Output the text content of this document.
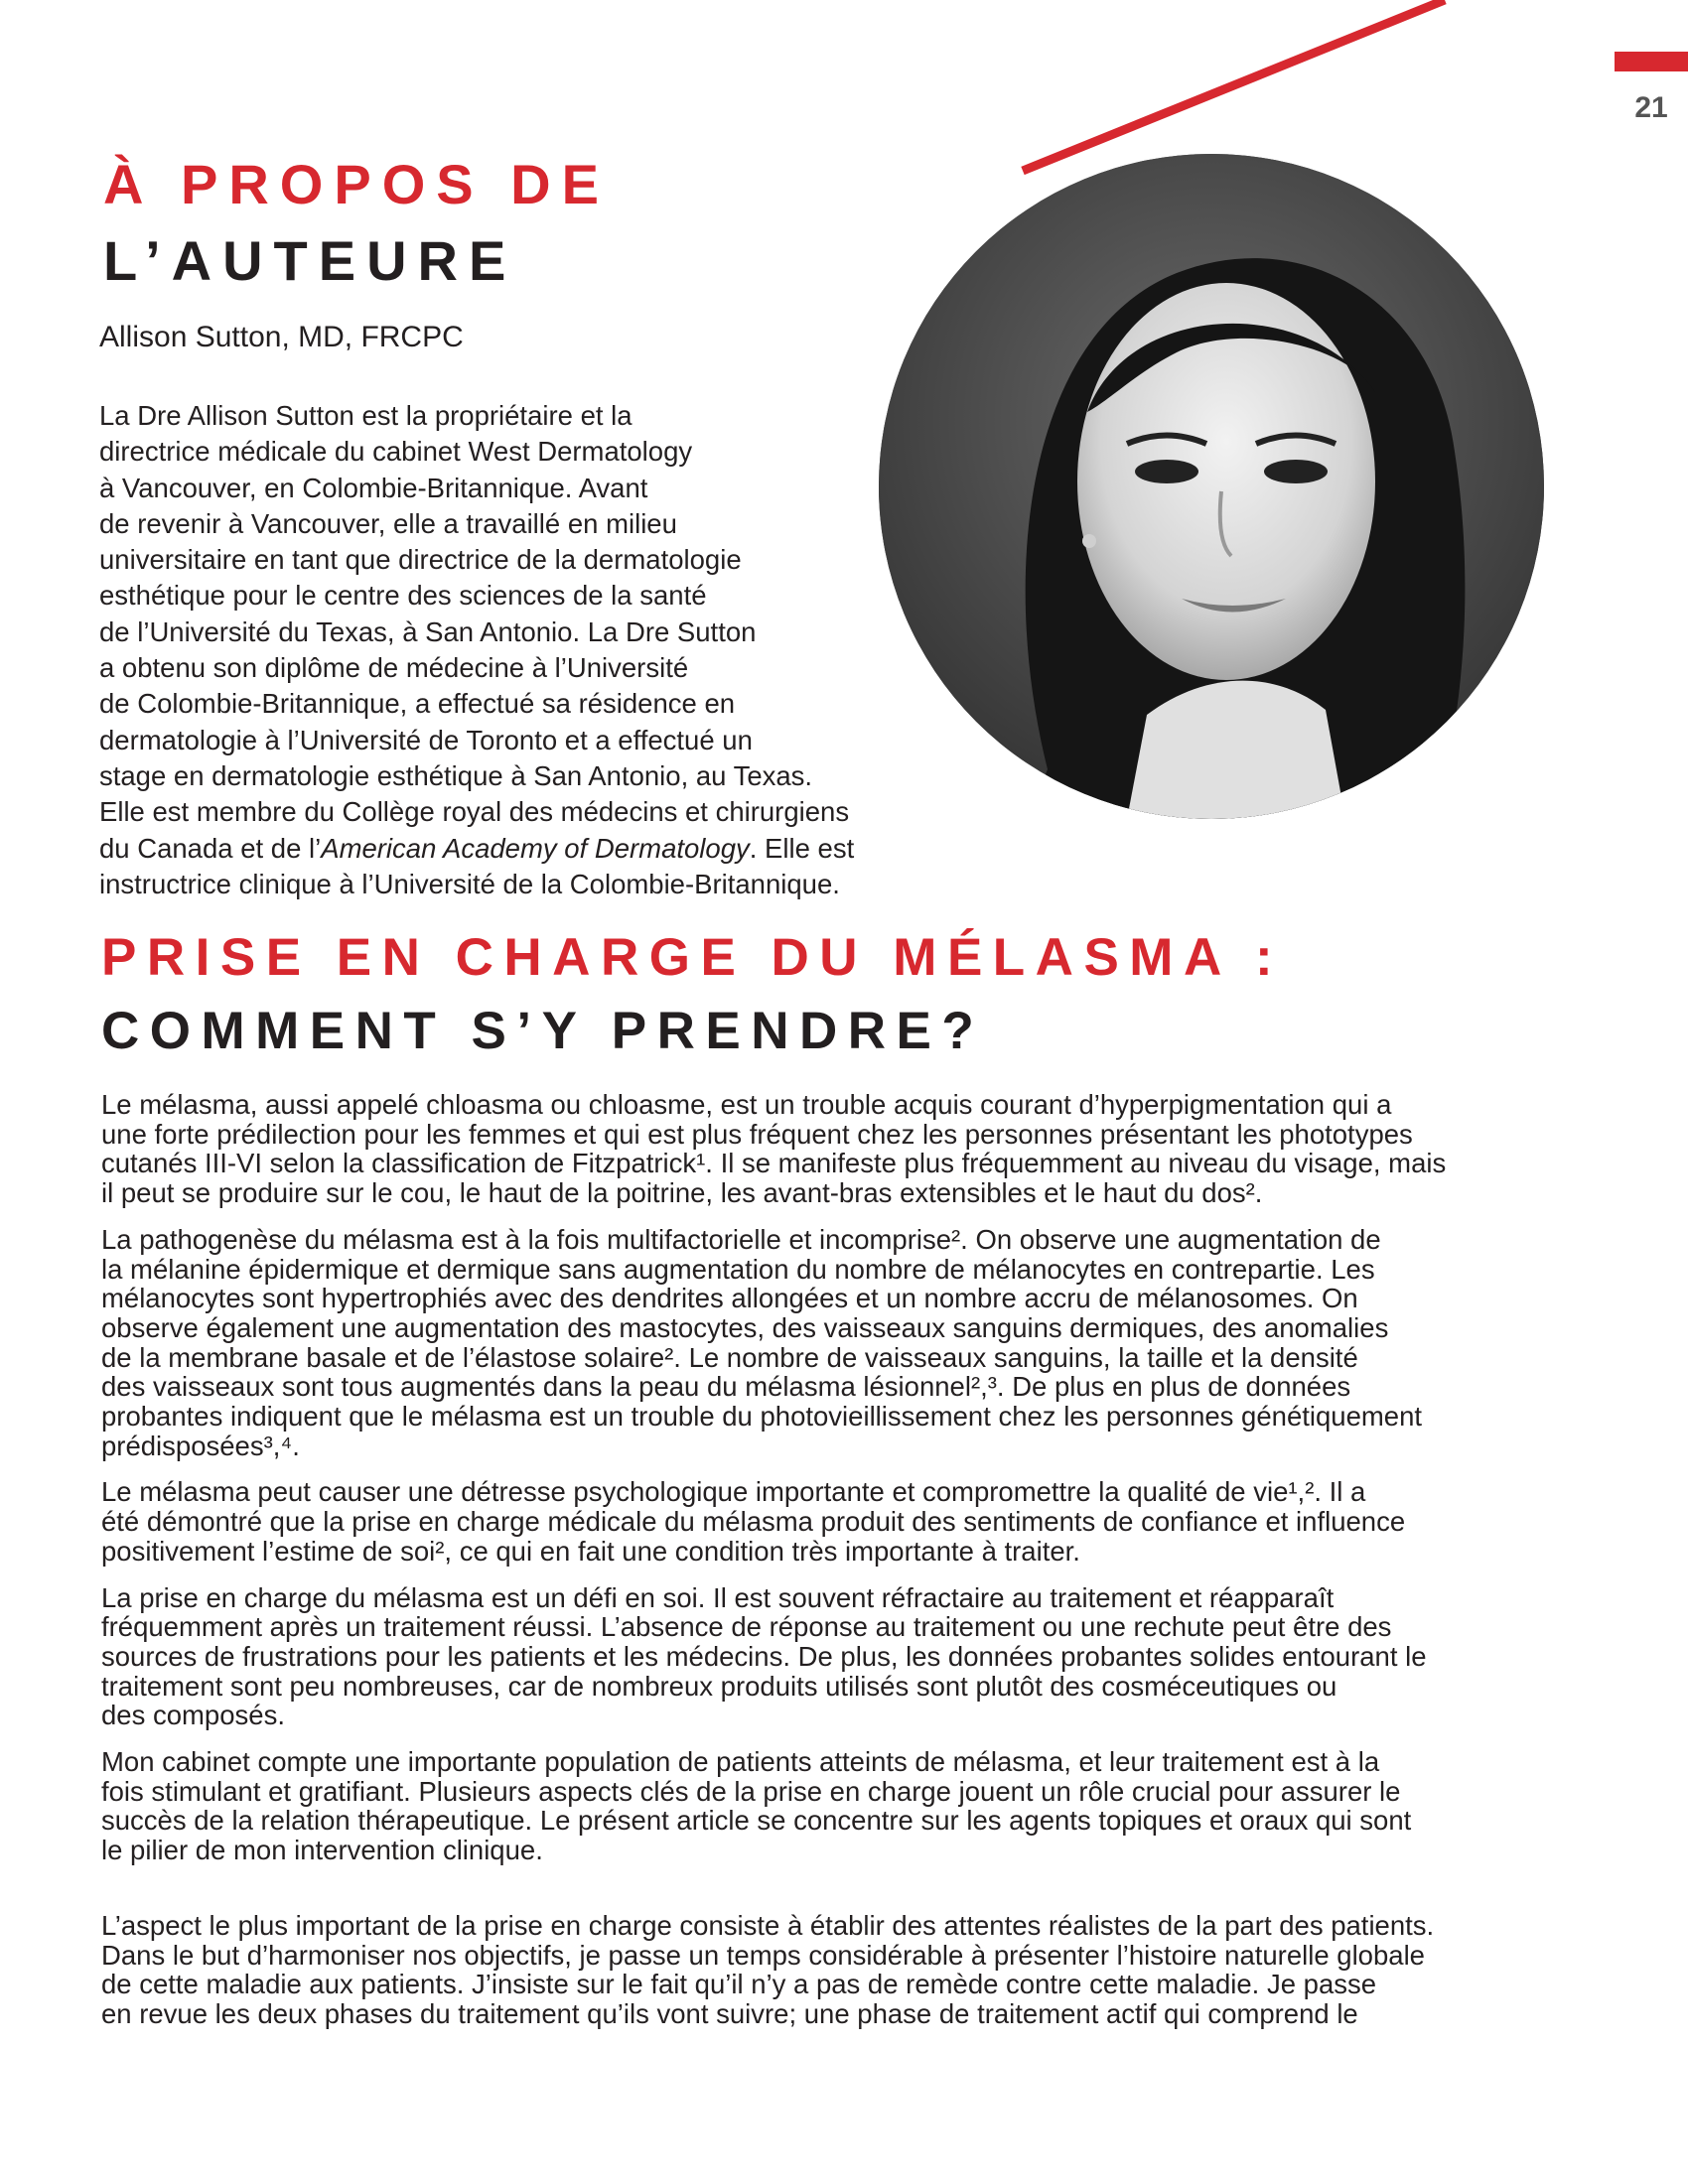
21
À PROPOS DE
L’AUTEURE
Allison Sutton, MD, FRCPC
La Dre Allison Sutton est la propriétaire et la
directrice médicale du cabinet West Dermatology
à Vancouver, en Colombie-Britannique. Avant
de revenir à Vancouver, elle a travaillé en milieu
universitaire en tant que directrice de la dermatologie
esthétique pour le centre des sciences de la santé
de l’Université du Texas, à San Antonio. La Dre Sutton
a obtenu son diplôme de médecine à l’Université
de Colombie-Britannique, a effectué sa résidence en
dermatologie à l’Université de Toronto et a effectué un
stage en dermatologie esthétique à San Antonio, au Texas.
Elle est membre du Collège royal des médecins et chirurgiens
du Canada et de l’American Academy of Dermatology. Elle est
instructrice clinique à l’Université de la Colombie-Britannique.
PRISE EN CHARGE DU MÉLASMA :
COMMENT S’Y PRENDRE?

Le mélasma, aussi appelé chloasma ou chloasme, est un trouble acquis courant d’hyperpigmentation qui a
une forte prédilection pour les femmes et qui est plus fréquent chez les personnes présentant les phototypes
cutanés III-VI selon la classification de Fitzpatrick¹. Il se manifeste plus fréquemment au niveau du visage, mais
il peut se produire sur le cou, le haut de la poitrine, les avant-bras extensibles et le haut du dos².

La pathogenèse du mélasma est à la fois multifactorielle et incomprise². On observe une augmentation de
la mélanine épidermique et dermique sans augmentation du nombre de mélanocytes en contrepartie. Les
mélanocytes sont hypertrophiés avec des dendrites allongées et un nombre accru de mélanosomes. On
observe également une augmentation des mastocytes, des vaisseaux sanguins dermiques, des anomalies
de la membrane basale et de l’élastose solaire². Le nombre de vaisseaux sanguins, la taille et la densité
des vaisseaux sont tous augmentés dans la peau du mélasma lésionnel²,³. De plus en plus de données
probantes indiquent que le mélasma est un trouble du photovieillissement chez les personnes génétiquement
prédisposées³,⁴.

Le mélasma peut causer une détresse psychologique importante et compromettre la qualité de vie¹,². Il a
été démontré que la prise en charge médicale du mélasma produit des sentiments de confiance et influence
positivement l’estime de soi², ce qui en fait une condition très importante à traiter.

La prise en charge du mélasma est un défi en soi. Il est souvent réfractaire au traitement et réapparaît
fréquemment après un traitement réussi. L’absence de réponse au traitement ou une rechute peut être des
sources de frustrations pour les patients et les médecins. De plus, les données probantes solides entourant le
traitement sont peu nombreuses, car de nombreux produits utilisés sont plutôt des cosméceutiques ou
des composés.

Mon cabinet compte une importante population de patients atteints de mélasma, et leur traitement est à la
fois stimulant et gratifiant. Plusieurs aspects clés de la prise en charge jouent un rôle crucial pour assurer le
succès de la relation thérapeutique. Le présent article se concentre sur les agents topiques et oraux qui sont
le pilier de mon intervention clinique.

L’aspect le plus important de la prise en charge consiste à établir des attentes réalistes de la part des patients.
Dans le but d’harmoniser nos objectifs, je passe un temps considérable à présenter l’histoire naturelle globale
de cette maladie aux patients. J’insiste sur le fait qu’il n’y a pas de remède contre cette maladie. Je passe
en revue les deux phases du traitement qu’ils vont suivre; une phase de traitement actif qui comprend le
